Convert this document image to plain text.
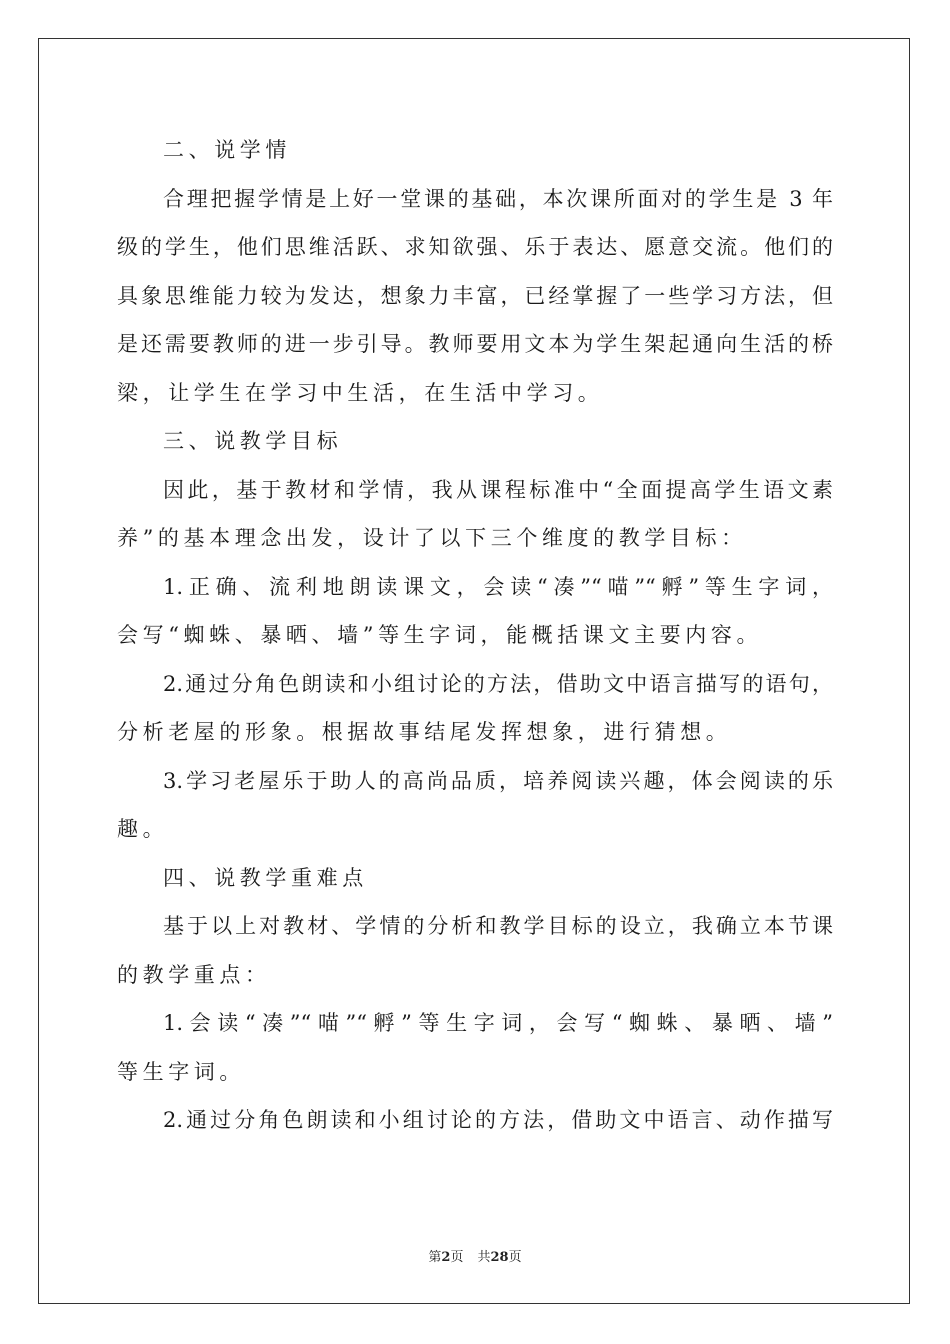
二、说学情
合理把握学情是上好一堂课的基础，本次课所面对的学生是 3 年
级的学生，他们思维活跃、求知欲强、乐于表达、愿意交流。他们的
具象思维能力较为发达，想象力丰富，已经掌握了一些学习方法，但
是还需要教师的进一步引导。教师要用文本为学生架起通向生活的桥
梁，让学生在学习中生活，在生活中学习。
三、说教学目标
因此，基于教材和学情，我从课程标准中“全面提高学生语文素
养”的基本理念出发，设计了以下三个维度的教学目标：
1.正确、流利地朗读课文，会读“凑”“喵”“孵”等生字词，
会写“蜘蛛、暴晒、墙”等生字词，能概括课文主要内容。
2.通过分角色朗读和小组讨论的方法，借助文中语言描写的语句，
分析老屋的形象。根据故事结尾发挥想象，进行猜想。
3.学习老屋乐于助人的高尚品质，培养阅读兴趣，体会阅读的乐
趣。
四、说教学重难点
基于以上对教材、学情的分析和教学目标的设立，我确立本节课
的教学重点：
1.会读“凑”“喵”“孵”等生字词，会写“蜘蛛、暴晒、墙”
等生字词。
2.通过分角色朗读和小组讨论的方法，借助文中语言、动作描写
第2页 共28页
